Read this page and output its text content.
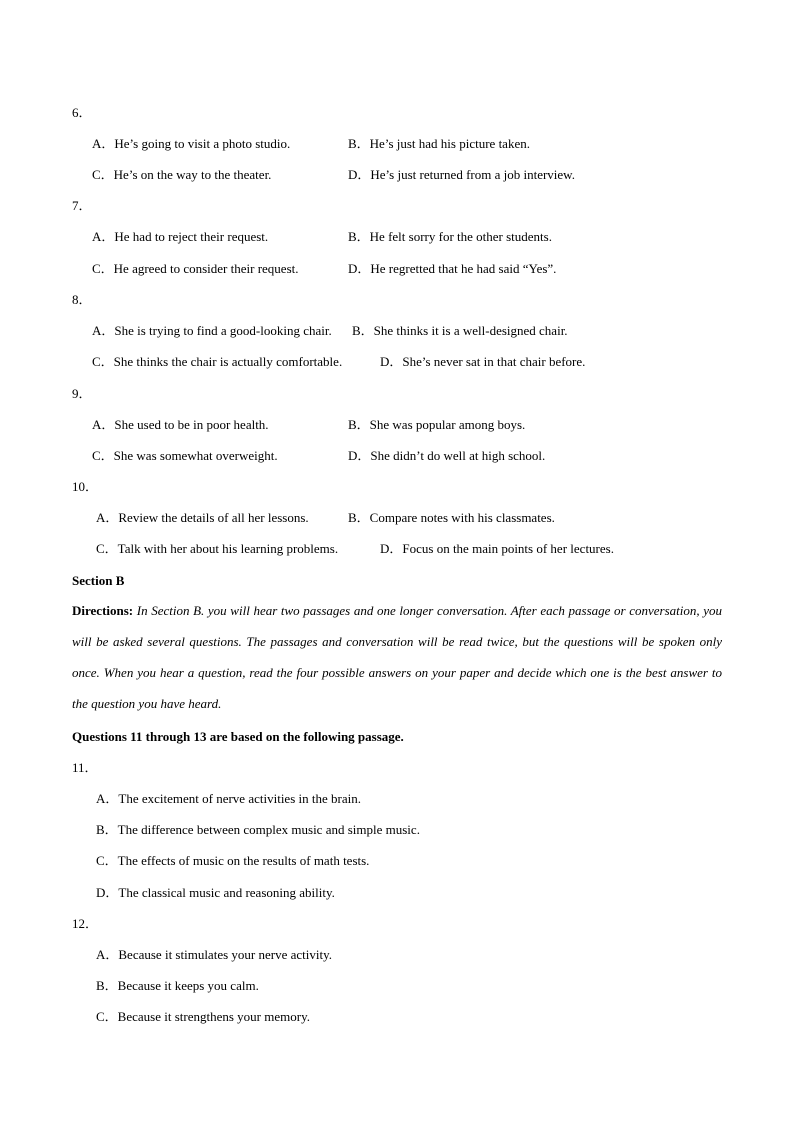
6．
A．He’s going to visit a photo studio.	B．He’s just had his picture taken.
C．He’s on the way to the theater.	D．He’s just returned from a job interview.
7．
A．He had to reject their request.	B．He felt sorry for the other students.
C．He agreed to consider their request.	D．He regretted that he had said “Yes”.
8．
A．She is trying to find a good-looking chair. B．She thinks it is a well-designed chair.
C．She thinks the chair is actually comfortable.	D．She’s never sat in that chair before.
9．
A．She used to be in poor health.	B．She was popular among boys.
C．She was somewhat overweight.	D．She didn’t do well at high school.
10．
A．Review the details of all her lessons.	B．Compare notes with his classmates.
C．Talk with her about his learning problems.	D．Focus on the main points of her lectures.
Section B
Directions: In Section B. you will hear two passages and one longer conversation. After each passage or conversation, you will be asked several questions. The passages and conversation will be read twice, but the questions will be spoken only once. When you hear a question, read the four possible answers on your paper and decide which one is the best answer to the question you have heard.
Questions 11 through 13 are based on the following passage.
11．
A．The excitement of nerve activities in the brain.
B．The difference between complex music and simple music.
C．The effects of music on the results of math tests.
D．The classical music and reasoning ability.
12．
A．Because it stimulates your nerve activity.
B．Because it keeps you calm.
C．Because it strengthens your memory.
